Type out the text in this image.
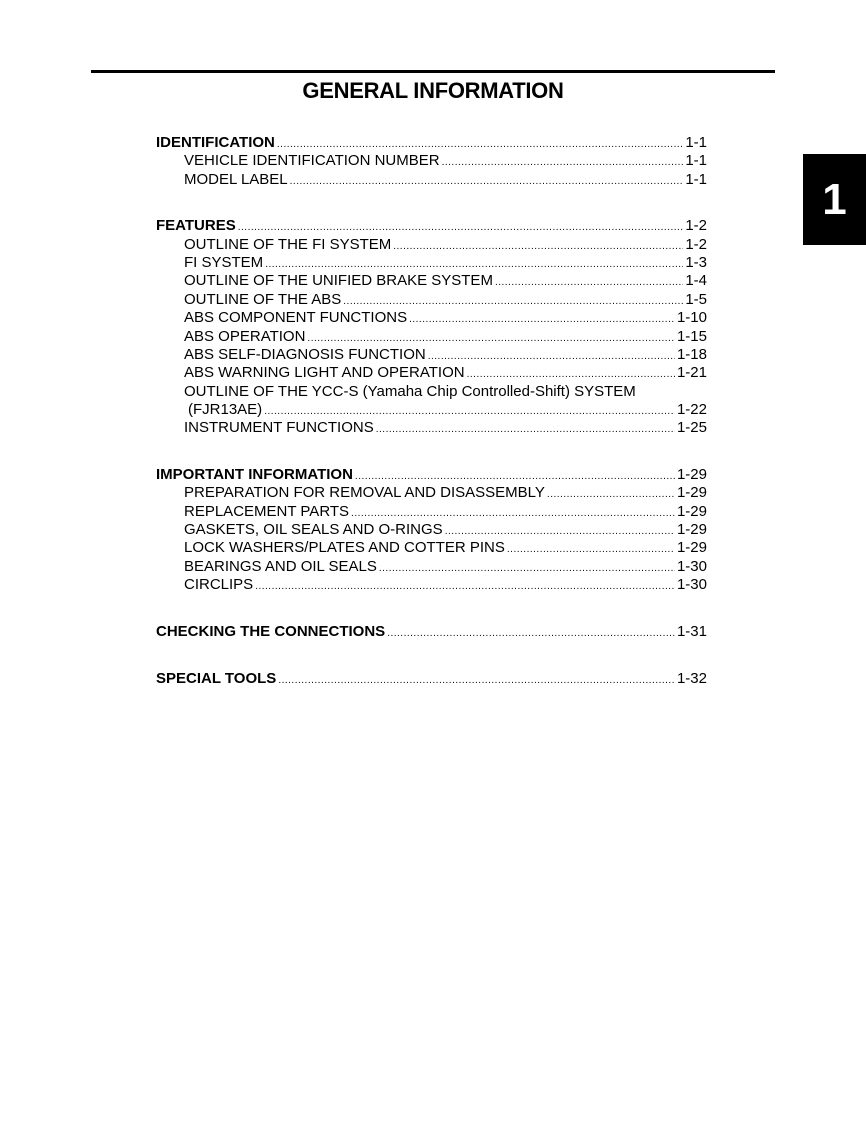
GENERAL INFORMATION
1
IDENTIFICATION .....	1-1
VEHICLE IDENTIFICATION NUMBER .....	1-1
MODEL LABEL .....	1-1
FEATURES .....	1-2
OUTLINE OF THE FI SYSTEM .....	1-2
FI SYSTEM .....	1-3
OUTLINE OF THE UNIFIED BRAKE SYSTEM .....	1-4
OUTLINE OF THE ABS .....	1-5
ABS COMPONENT FUNCTIONS .....	1-10
ABS OPERATION .....	1-15
ABS SELF-DIAGNOSIS FUNCTION .....	1-18
ABS WARNING LIGHT AND OPERATION .....	1-21
OUTLINE OF THE YCC-S (Yamaha Chip Controlled-Shift) SYSTEM
(FJR13AE) .....	1-22
INSTRUMENT FUNCTIONS .....	1-25
IMPORTANT INFORMATION .....	1-29
PREPARATION FOR REMOVAL AND DISASSEMBLY .....	1-29
REPLACEMENT PARTS .....	1-29
GASKETS, OIL SEALS AND O-RINGS .....	1-29
LOCK WASHERS/PLATES AND COTTER PINS .....	1-29
BEARINGS AND OIL SEALS .....	1-30
CIRCLIPS .....	1-30
CHECKING THE CONNECTIONS .....	1-31
SPECIAL TOOLS .....	1-32
